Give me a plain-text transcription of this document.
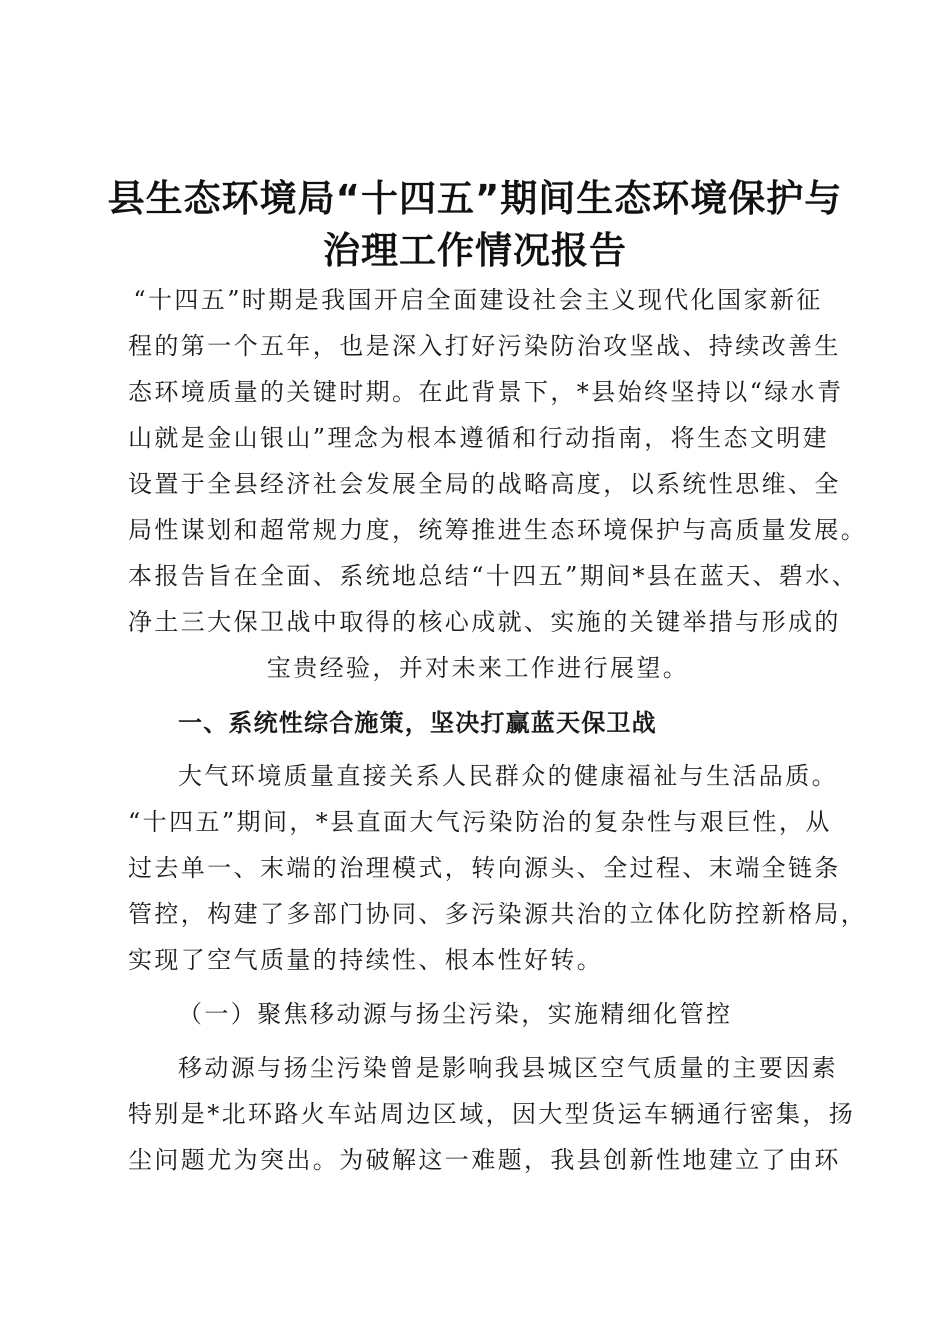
县生态环境局“十四五”期间生态环境保护与
治理工作情况报告
“十四五”时期是我国开启全面建设社会主义现代化国家新征
程的第一个五年，也是深入打好污染防治攻坚战、持续改善生
态环境质量的关键时期。在此背景下，*县始终坚持以“绿水青
山就是金山银山”理念为根本遵循和行动指南，将生态文明建
设置于全县经济社会发展全局的战略高度，以系统性思维、全
局性谋划和超常规力度，统筹推进生态环境保护与高质量发展。
本报告旨在全面、系统地总结“十四五”期间*县在蓝天、碧水、
净土三大保卫战中取得的核心成就、实施的关键举措与形成的
宝贵经验，并对未来工作进行展望。
一、系统性综合施策，坚决打赢蓝天保卫战
大气环境质量直接关系人民群众的健康福祉与生活品质。
“十四五”期间，*县直面大气污染防治的复杂性与艰巨性，从
过去单一、末端的治理模式，转向源头、全过程、末端全链条
管控，构建了多部门协同、多污染源共治的立体化防控新格局，
实现了空气质量的持续性、根本性好转。
（一）聚焦移动源与扬尘污染，实施精细化管控
移动源与扬尘污染曾是影响我县城区空气质量的主要因素
特别是*北环路火车站周边区域，因大型货运车辆通行密集，扬
尘问题尤为突出。为破解这一难题，我县创新性地建立了由环
